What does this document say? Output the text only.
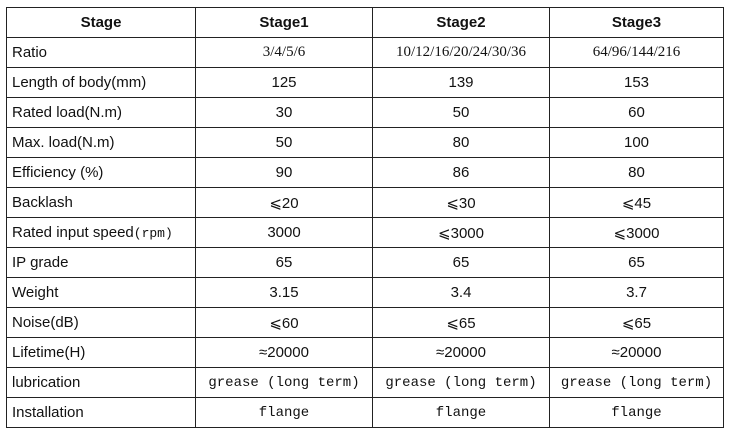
Stage	Stage1	Stage2	Stage3
Ratio	3/4/5/6	10/12/16/20/24/30/36	64/96/144/216
Length of body(mm)	125	139	153
Rated load(N.m)	30	50	60
Max. load(N.m)	50	80	100
Efficiency (%)	90	86	80
Backlash	⩽20	⩽30	⩽45
Rated input speed(rpm)	3000	⩽3000	⩽3000
IP grade	65	65	65
Weight	3.15	3.4	3.7
Noise(dB)	⩽60	⩽65	⩽65
Lifetime(H)	≈20000	≈20000	≈20000
lubrication	grease (long term)	grease (long term)	grease (long term)
Installation	flange	flange	flange
